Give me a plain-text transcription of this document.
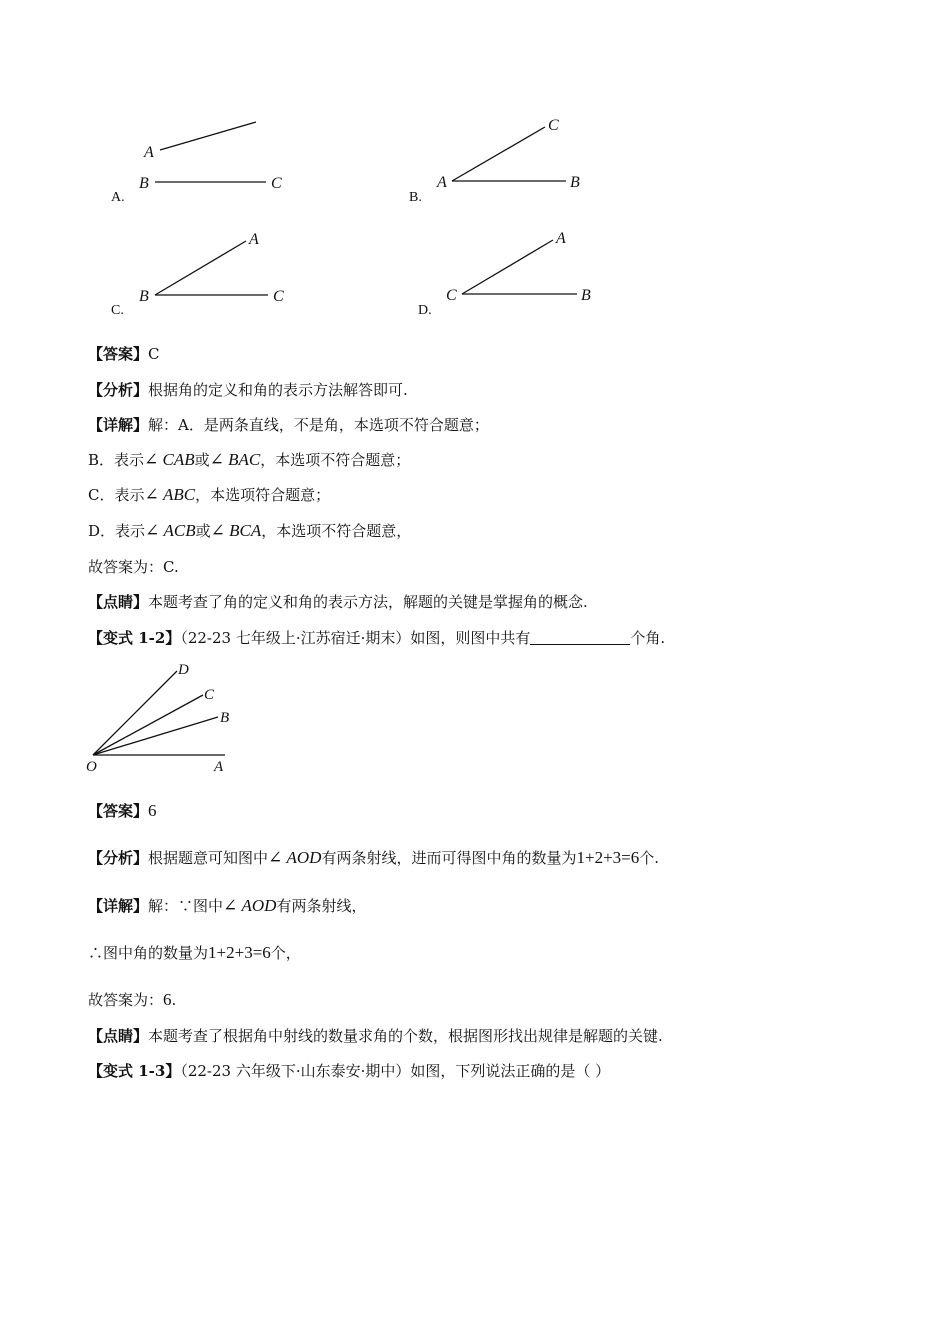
A
B	C
C
A	B
A
B	C
A
C	B
A.	B.
C.	D.
【答案】C
【分析】根据角的定义和角的表示方法解答即可.
【详解】解：A．是两条直线，不是角，本选项不符合题意；
B．表示∠ CAB或∠ BAC，本选项不符合题意；
C．表示∠ ABC，本选项符合题意；
D．表示∠ ACB或∠ BCA，本选项不符合题意，
故答案为：C.
【点睛】本题考查了角的定义和角的表示方法，解题的关键是掌握角的概念.
【变式 1-2】（22-23 七年级上·江苏宿迁·期末）如图，则图中共有	个角.
O	A
B
C
D
【答案】6
【分析】根据题意可知图中∠ AOD有两条射线，进而可得图中角的数量为1+2+3=6个.
【详解】解：∵图中∠ AOD有两条射线，
∴图中角的数量为1+2+3=6个，
故答案为：6.
【点睛】本题考查了根据角中射线的数量求角的个数，根据图形找出规律是解题的关键.
【变式 1-3】（22-23 六年级下·山东泰安·期中）如图，下列说法正确的是（ ）
